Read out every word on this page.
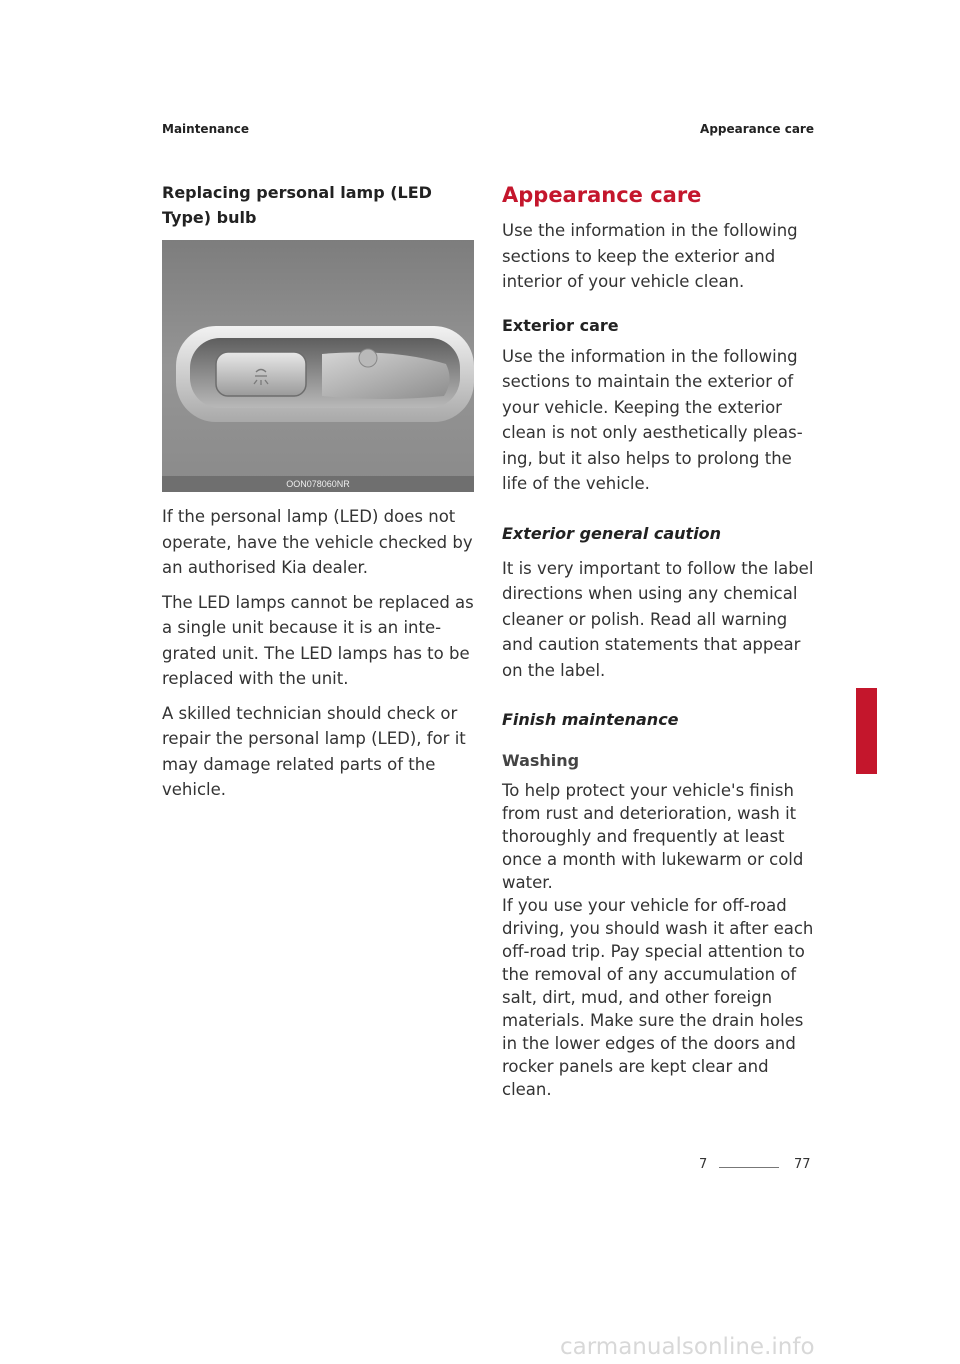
Maintenance	Appearance care
Replacing personal lamp (LED Type) bulb
OON078060NR

If the personal lamp (LED) does not operate, have the vehicle checked by an authorised Kia dealer.

The LED lamps cannot be replaced as a single unit because it is an inte-grated unit. The LED lamps has to be replaced with the unit.

A skilled technician should check or repair the personal lamp (LED), for it may damage related parts of the vehicle.

Appearance care

Use the information in the following sections to keep the exterior and interior of your vehicle clean.

Exterior care

Use the information in the following sections to maintain the exterior of your vehicle. Keeping the exterior clean is not only aesthetically pleas-ing, but it also helps to prolong the life of the vehicle.

Exterior general caution

It is very important to follow the label directions when using any chemical cleaner or polish. Read all warning and caution statements that appear on the label.

Finish maintenance
Washing

To help protect your vehicle's finish from rust and deterioration, wash it thoroughly and frequently at least once a month with lukewarm or cold water.

If you use your vehicle for off-road driving, you should wash it after each off-road trip. Pay special attention to the removal of any accumulation of salt, dirt, mud, and other foreign materials. Make sure the drain holes in the lower edges of the doors and rocker panels are kept clear and clean.

7
7	77
carmanualsonline.info
